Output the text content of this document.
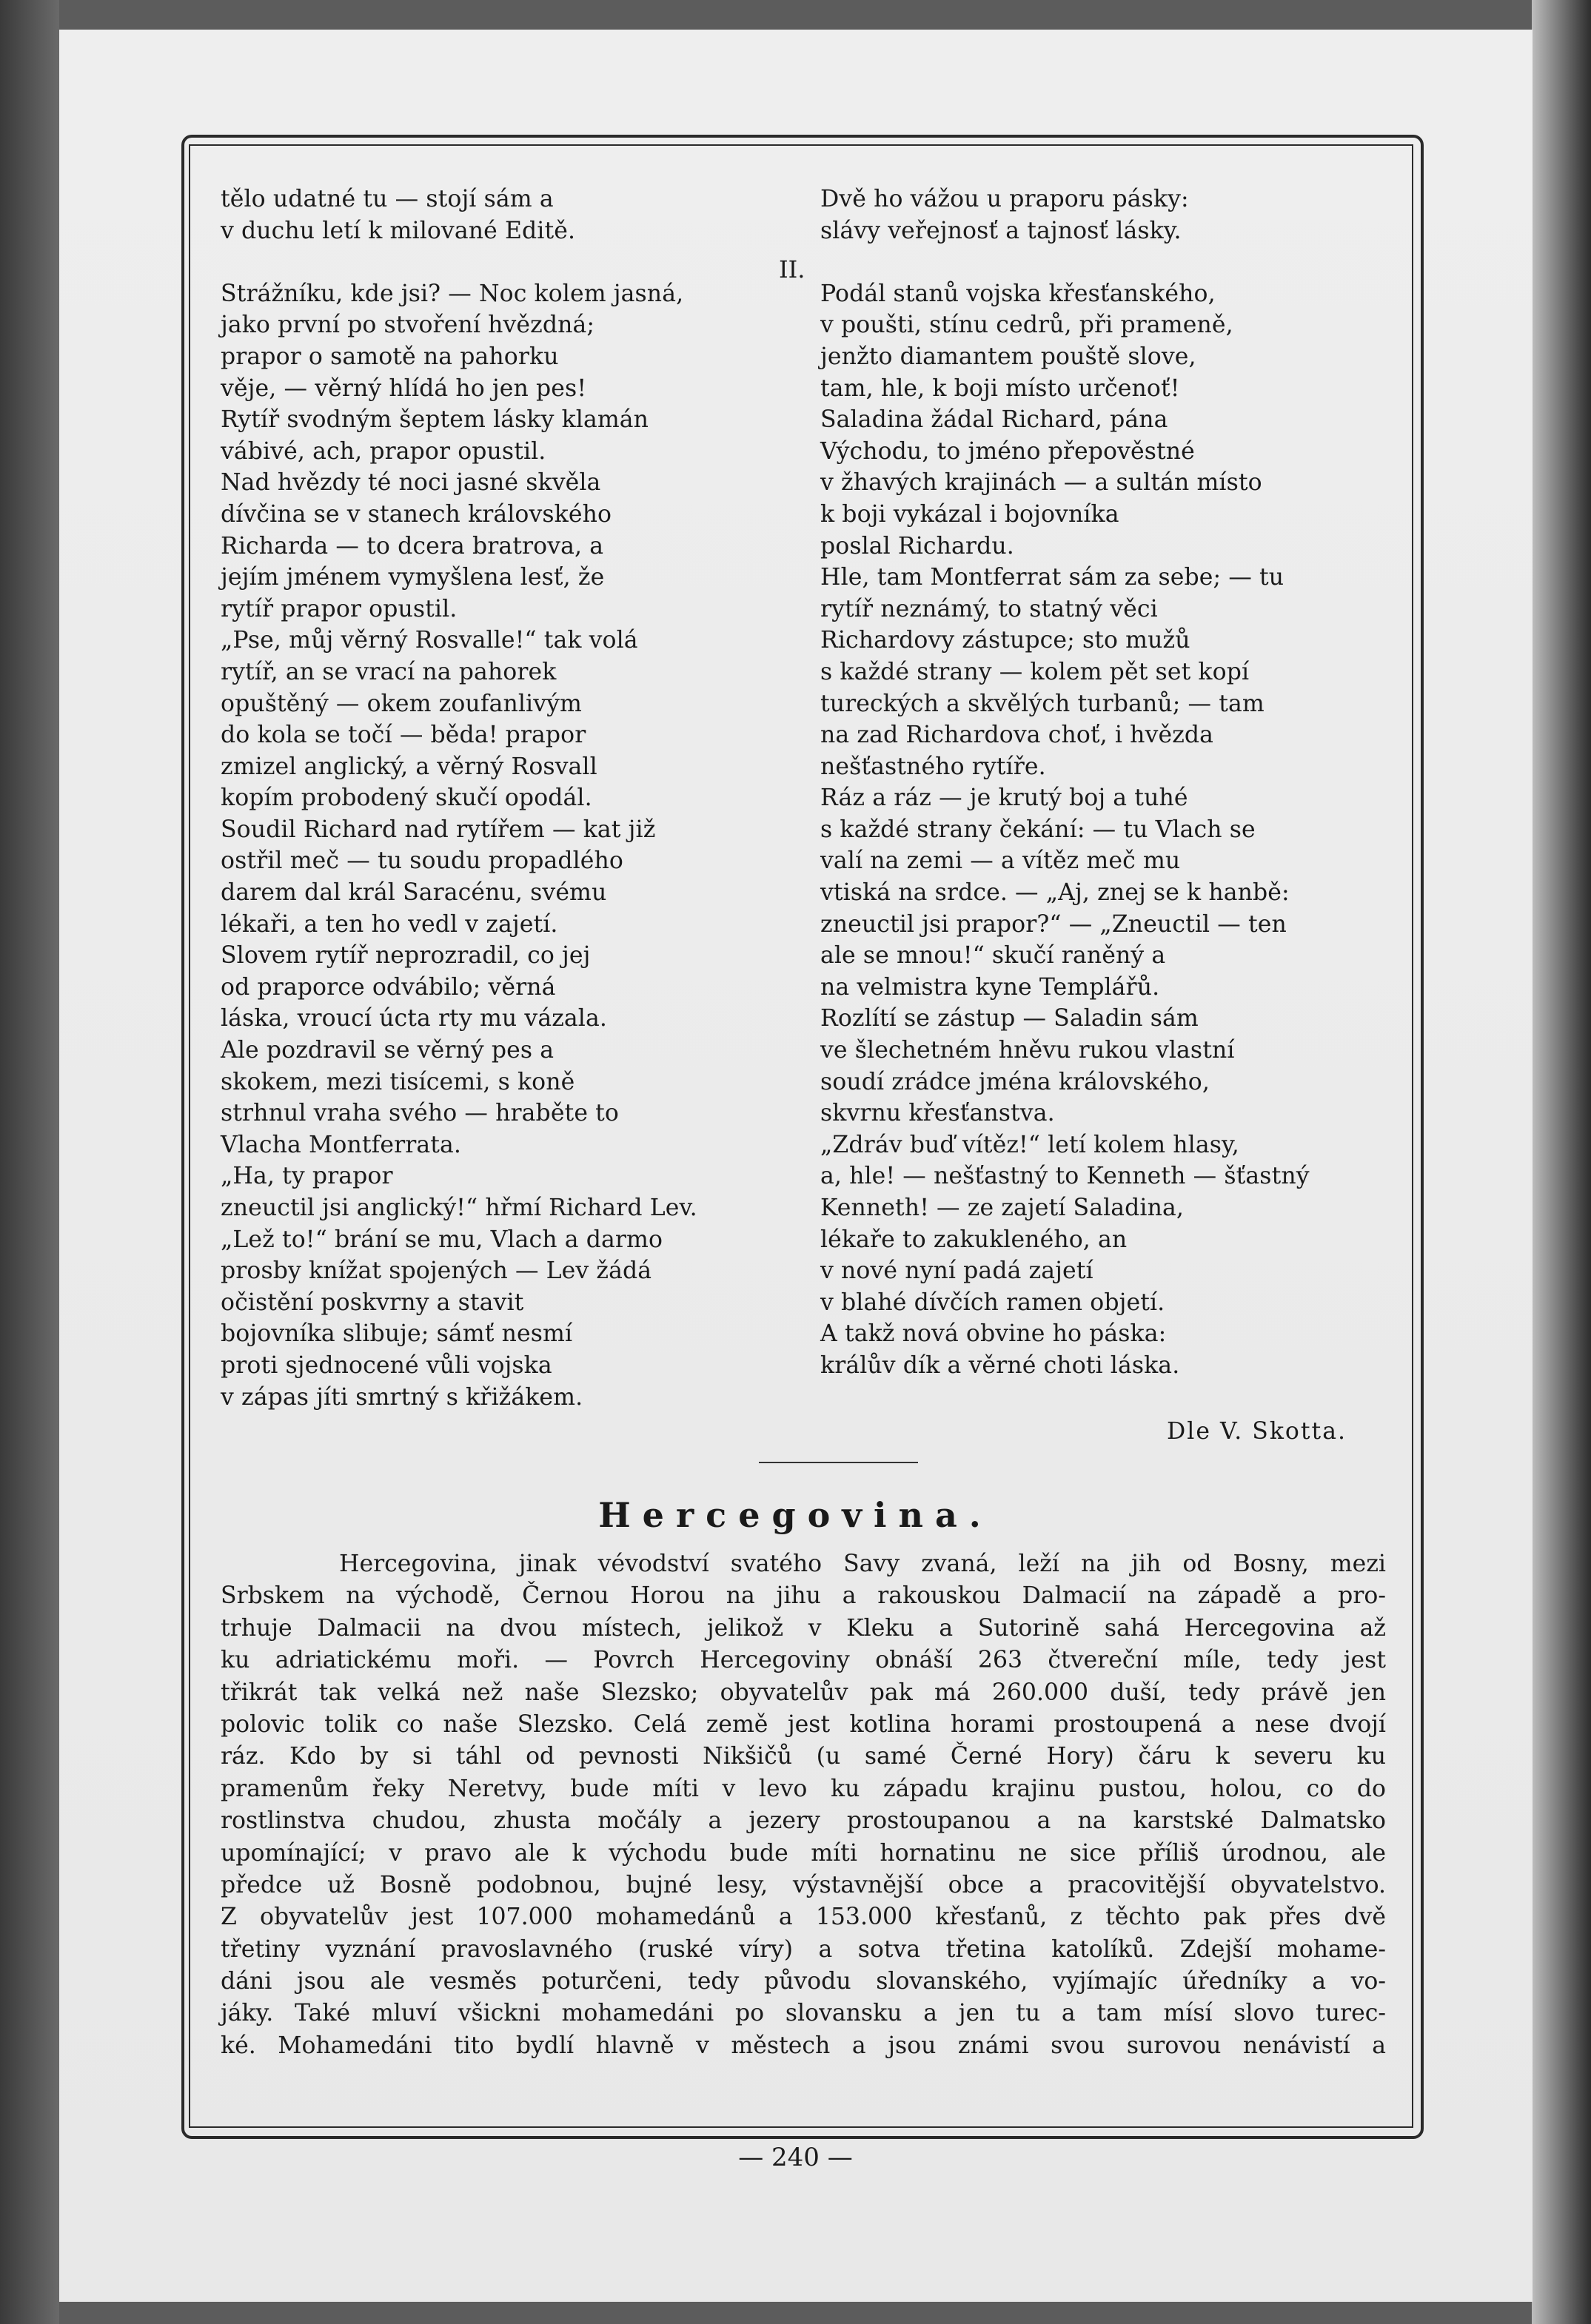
tělo udatné tu — stojí sám a
v duchu letí k milované Editě.
Strážníku, kde jsi? — Noc kolem jasná,
jako první po stvoření hvězdná;
prapor o samotě na pahorku
věje, — věrný hlídá ho jen pes!
Rytíř svodným šeptem lásky klamán
vábivé, ach, prapor opustil.
Nad hvězdy té noci jasné skvěla
dívčina se v stanech královského
Richarda — to dcera bratrova, a
jejím jménem vymyšlena lesť, že
rytíř prapor opustil.
„Pse, můj věrný Rosvalle!“ tak volá
rytíř, an se vrací na pahorek
opuštěný — okem zoufanlivým
do kola se točí — běda! prapor
zmizel anglický, a věrný Rosvall
kopím probodený skučí opodál.
Soudil Richard nad rytířem — kat již
ostřil meč — tu soudu propadlého
darem dal král Saracénu, svému
lékaři, a ten ho vedl v zajetí.
Slovem rytíř neprozradil, co jej
od praporce odvábilo; věrná
láska, vroucí úcta rty mu vázala.
Ale pozdravil se věrný pes a
skokem, mezi tisícemi, s koně
strhnul vraha svého — hraběte to
Vlacha Montferrata.
„Ha, ty prapor
zneuctil jsi anglický!“ hřmí Richard Lev.
„Lež to!“ brání se mu, Vlach a darmo
prosby knížat spojených — Lev žádá
očistění poskvrny a stavit
bojovníka slibuje; sámť nesmí
proti sjednocené vůli vojska
v zápas jíti smrtný s křižákem.
Dvě ho vážou u praporu pásky:
slávy veřejnosť a tajnosť lásky.
Podál stanů vojska křesťanského,
v poušti, stínu cedrů, při prameně,
jenžto diamantem pouště slove,
tam, hle, k boji místo určenoť!
Saladina žádal Richard, pána
Východu, to jméno přepověstné
v žhavých krajinách — a sultán místo
k boji vykázal i bojovníka
poslal Richardu.
Hle, tam Montferrat sám za sebe; — tu
rytíř neznámý, to statný věci
Richardovy zástupce; sto mužů
s každé strany — kolem pět set kopí
tureckých a skvělých turbanů; — tam
na zad Richardova choť, i hvězda
nešťastného rytíře.
Ráz a ráz — je krutý boj a tuhé
s každé strany čekání: — tu Vlach se
valí na zemi — a vítěz meč mu
vtiská na srdce. — „Aj, znej se k hanbě:
zneuctil jsi prapor?“ — „Zneuctil — ten
ale se mnou!“ skučí raněný a
na velmistra kyne Templářů.
Rozlítí se zástup — Saladin sám
ve šlechetném hněvu rukou vlastní
soudí zrádce jména královského,
skvrnu křesťanstva.
„Zdráv buď vítěz!“ letí kolem hlasy,
a, hle! — nešťastný to Kenneth — šťastný
Kenneth! — ze zajetí Saladina,
lékaře to zakukleného, an
v nové nyní padá zajetí
v blahé dívčích ramen objetí.
A takž nová obvine ho páska:
králův dík a věrné choti láska.
II.
Dle V. Skotta.
Hercegovina.
Hercegovina, jinak vévodství svatého Savy zvaná, leží na jih od Bosny, mezi
Srbskem na východě, Černou Horou na jihu a rakouskou Dalmacií na západě a pro-
trhuje Dalmacii na dvou místech, jelikož v Kleku a Sutorině sahá Hercegovina až
ku adriatickému moři. — Povrch Hercegoviny obnáší 263 čtvereční míle, tedy jest
třikrát tak velká než naše Slezsko; obyvatelův pak má 260.000 duší, tedy právě jen
polovic tolik co naše Slezsko. Celá země jest kotlina horami prostoupená a nese dvojí
ráz. Kdo by si táhl od pevnosti Nikšičů (u samé Černé Hory) čáru k severu ku
pramenům řeky Neretvy, bude míti v levo ku západu krajinu pustou, holou, co do
rostlinstva chudou, zhusta močály a jezery prostoupanou a na karstské Dalmatsko
upomínající; v pravo ale k východu bude míti hornatinu ne sice příliš úrodnou, ale
předce už Bosně podobnou, bujné lesy, výstavnější obce a pracovitější obyvatelstvo.
Z obyvatelův jest 107.000 mohamedánů a 153.000 křesťanů, z těchto pak přes dvě
třetiny vyznání pravoslavného (ruské víry) a sotva třetina katolíků. Zdejší mohame-
dáni jsou ale vesměs poturčeni, tedy původu slovanského, vyjímajíc úředníky a vo-
jáky. Také mluví všickni mohamedáni po slovansku a jen tu a tam mísí slovo turec-
ké. Mohamedáni tito bydlí hlavně v městech a jsou známi svou surovou nenávistí a
— 240 —
